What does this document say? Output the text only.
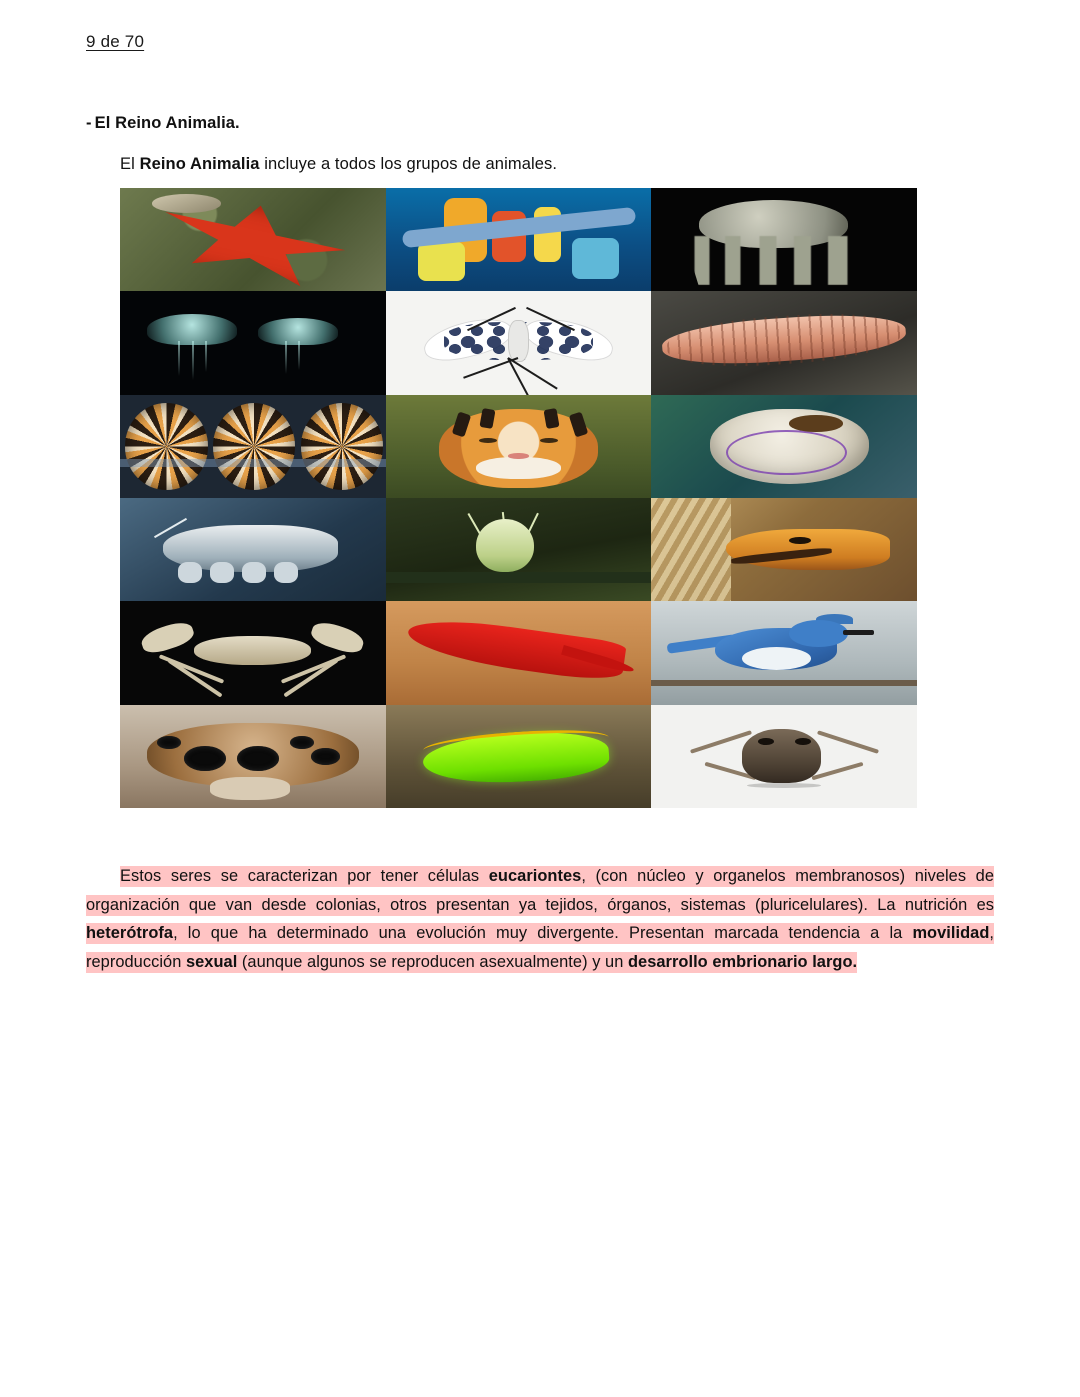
9 de 70
- El Reino Animalia.
El Reino Animalia incluye a todos los grupos de animales.
Estos seres se caracterizan por tener células eucariontes, (con núcleo y organelos membranosos) niveles de organización que van desde colonias, otros presentan ya tejidos, órganos, sistemas (pluricelulares). La nutrición es heterótrofa, lo que ha determinado una evolución muy divergente. Presentan marcada tendencia a la movilidad, reproducción sexual (aunque algunos se reproducen asexualmente) y un desarrollo embrionario largo.
